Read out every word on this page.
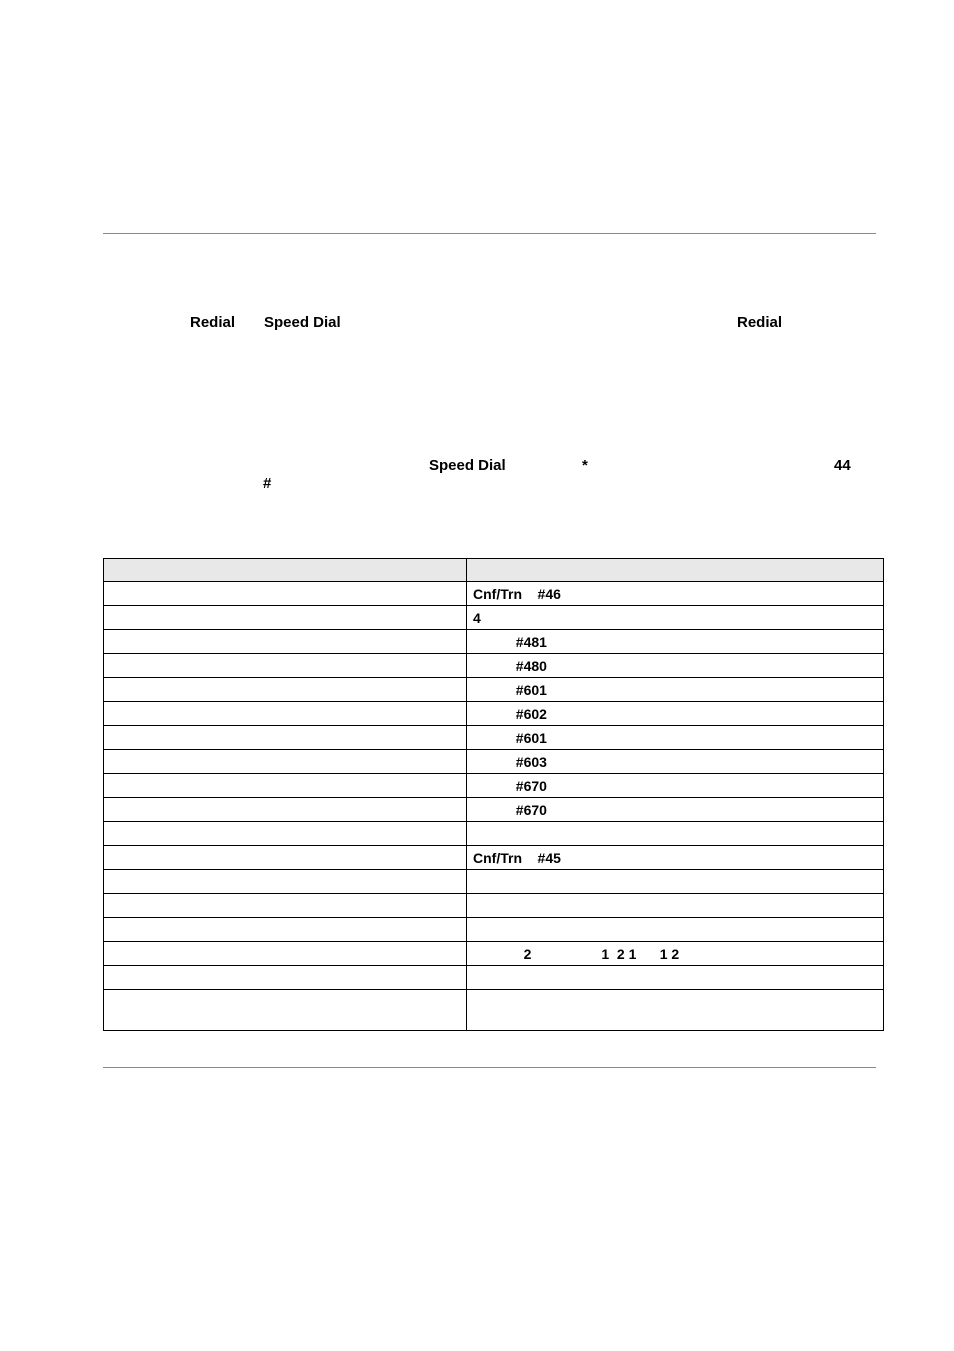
Redial Speed Dial	Redial
Speed Dial	*	44
#

	Cnf/Trn    #46
	4
	#481
	#480
	#601
	#602
	#601
	#603
	#670
	#670

	Cnf/Trn    #45

	2                  1  2 1      1 2
